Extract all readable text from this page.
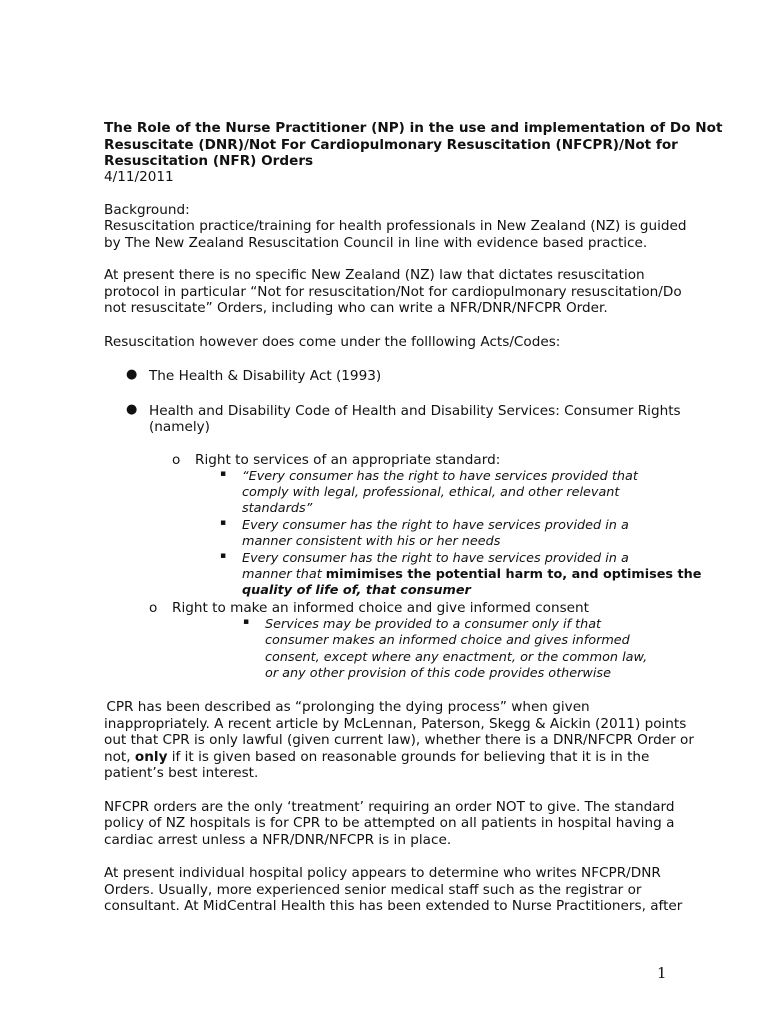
The Role of the Nurse Practitioner (NP) in the use and implementation of Do Not
Resuscitate (DNR)/Not For Cardiopulmonary Resuscitation (NFCPR)/Not for
Resuscitation (NFR) Orders
4/11/2011
Background:
Resuscitation practice/training for health professionals in New Zealand (NZ) is guided
by The New Zealand Resuscitation Council in line with evidence based practice.
At present there is no specific New Zealand (NZ) law that dictates resuscitation
protocol in particular “Not for resuscitation/Not for cardiopulmonary resuscitation/Do
not resuscitate” Orders, including who can write a NFR/DNR/NFCPR Order.
Resuscitation however does come under the folllowing Acts/Codes:
● The Health & Disability Act (1993)
● Health and Disability Code of Health and Disability Services: Consumer Rights
(namely)
o Right to services of an appropriate standard:
▪ “Every consumer has the right to have services provided that
comply with legal, professional, ethical, and other relevant
standards”
▪ Every consumer has the right to have services provided in a
manner consistent with his or her needs
▪ Every consumer has the right to have services provided in a
manner that mimimises the potential harm to, and optimises the
quality of life of, that consumer
o Right to make an informed choice and give informed consent
▪ Services may be provided to a consumer only if that
consumer makes an informed choice and gives informed
consent, except where any enactment, or the common law,
or any other provision of this code provides otherwise
CPR has been described as “prolonging the dying process” when given
inappropriately. A recent article by McLennan, Paterson, Skegg & Aickin (2011) points
out that CPR is only lawful (given current law), whether there is a DNR/NFCPR Order or
not, only if it is given based on reasonable grounds for believing that it is in the
patient’s best interest.
NFCPR orders are the only ‘treatment’ requiring an order NOT to give. The standard
policy of NZ hospitals is for CPR to be attempted on all patients in hospital having a
cardiac arrest unless a NFR/DNR/NFCPR is in place.
At present individual hospital policy appears to determine who writes NFCPR/DNR
Orders. Usually, more experienced senior medical staff such as the registrar or
consultant. At MidCentral Health this has been extended to Nurse Practitioners, after
1
